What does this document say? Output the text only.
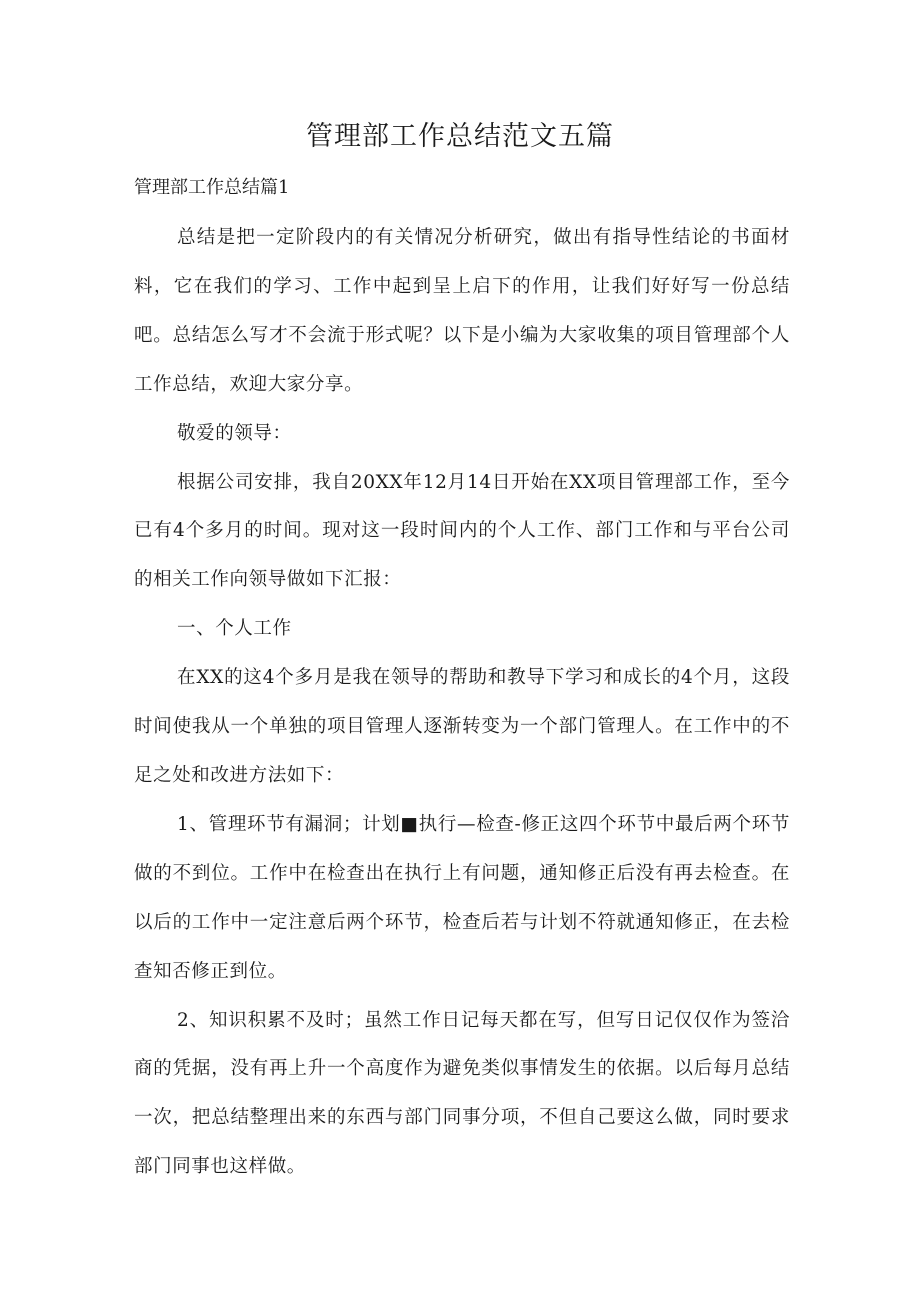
管理部工作总结范文五篇

管理部工作总结篇1

总结是把一定阶段内的有关情况分析研究，做出有指导性结论的书面材料，它在我们的学习、工作中起到呈上启下的作用，让我们好好写一份总结吧。总结怎么写才不会流于形式呢？以下是小编为大家收集的项目管理部个人工作总结，欢迎大家分享。

敬爱的领导：

根据公司安排，我自20XX年12月14日开始在XX项目管理部工作，至今已有4个多月的时间。现对这一段时间内的个人工作、部门工作和与平台公司的相关工作向领导做如下汇报：

一、个人工作

在XX的这4个多月是我在领导的帮助和教导下学习和成长的4个月，这段时间使我从一个单独的项目管理人逐渐转变为一个部门管理人。在工作中的不足之处和改进方法如下：

1、管理环节有漏洞；计划■执行—检查-修正这四个环节中最后两个环节做的不到位。工作中在检查出在执行上有问题，通知修正后没有再去检查。在以后的工作中一定注意后两个环节，检查后若与计划不符就通知修正，在去检查知否修正到位。

2、知识积累不及时；虽然工作日记每天都在写，但写日记仅仅作为签洽商的凭据，没有再上升一个高度作为避免类似事情发生的依据。以后每月总结一次，把总结整理出来的东西与部门同事分项，不但自己要这么做，同时要求部门同事也这样做。
